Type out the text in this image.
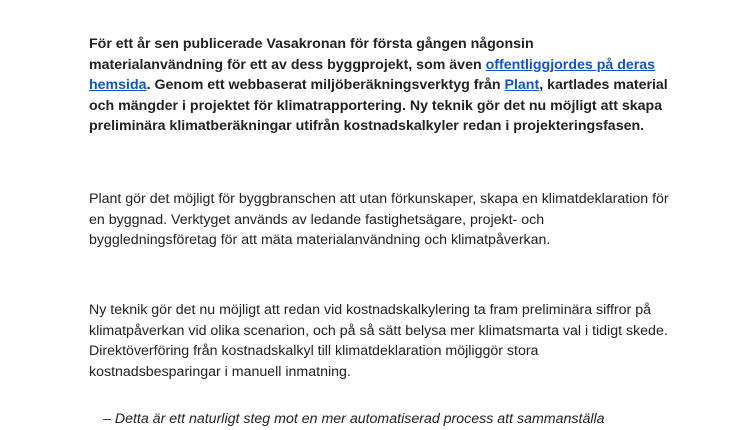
För ett år sen publicerade Vasakronan för första gången någonsin materialanvändning för ett av dess byggprojekt, som även offentliggjordes på deras hemsida. Genom ett webbaserat miljöberäkningsverktyg från Plant, kartlades material och mängder i projektet för klimatrapportering. Ny teknik gör det nu möjligt att skapa preliminära klimatberäkningar utifrån kostnadskalkyler redan i projekteringsfasen.

Plant gör det möjligt för byggbranschen att utan förkunskaper, skapa en klimatdeklaration för en byggnad. Verktyget används av ledande fastighetsägare, projekt- och byggledningsföretag för att mäta materialanvändning och klimatpåverkan.

Ny teknik gör det nu möjligt att redan vid kostnadskalkylering ta fram preliminära siffror på klimatpåverkan vid olika scenarion, och på så sätt belysa mer klimatsmarta val i tidigt skede. Direktöverföring från kostnadskalkyl till klimatdeklaration möjliggör stora kostnadsbesparingar i manuell inmatning.

– Detta är ett naturligt steg mot en mer automatiserad process att sammanställa
